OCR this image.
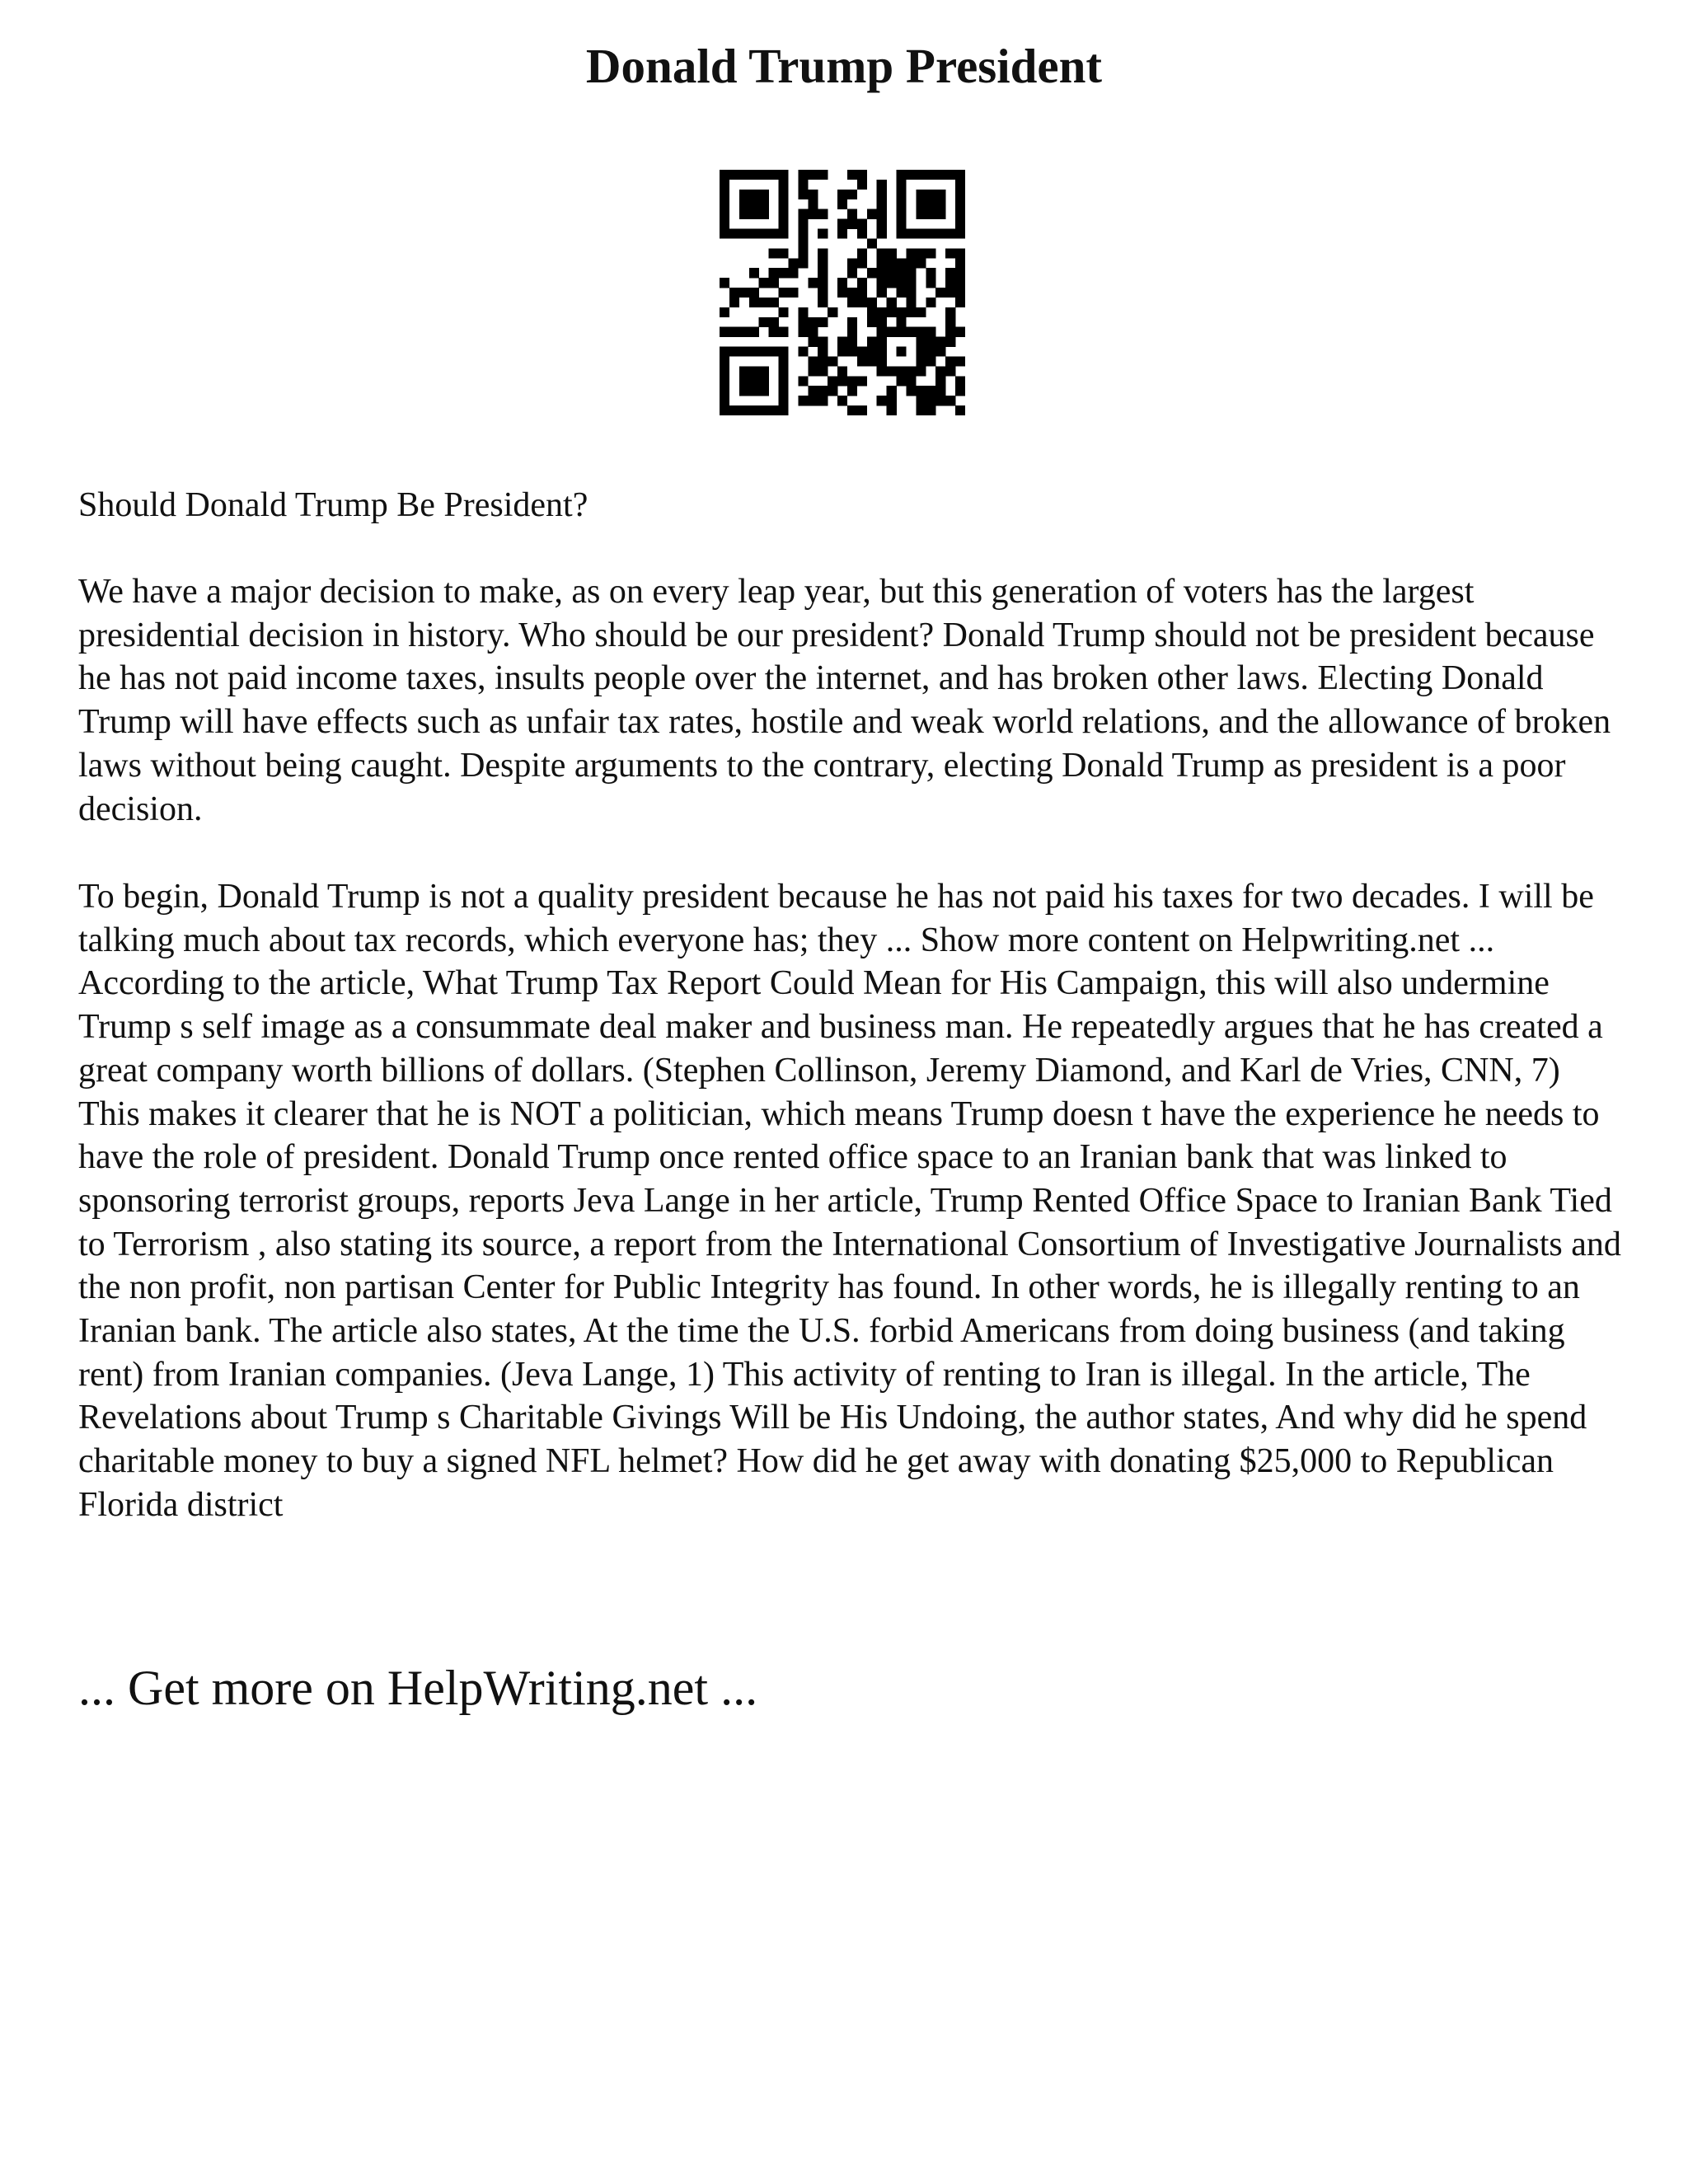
Donald Trump President

Should Donald Trump Be President?

We have a major decision to make, as on every leap year, but this generation of voters has the largest presidential decision in history. Who should be our president? Donald Trump should not be president because he has not paid income taxes, insults people over the internet, and has broken other laws. Electing Donald Trump will have effects such as unfair tax rates, hostile and weak world relations, and the allowance of broken laws without being caught. Despite arguments to the contrary, electing Donald Trump as president is a poor decision.

To begin, Donald Trump is not a quality president because he has not paid his taxes for two decades. I will be talking much about tax records, which everyone has; they ... Show more content on Helpwriting.net ...
According to the article, What Trump Tax Report Could Mean for His Campaign, this will also undermine Trump s self image as a consummate deal maker and business man. He repeatedly argues that he has created a great company worth billions of dollars. (Stephen Collinson, Jeremy Diamond, and Karl de Vries, CNN, 7) This makes it clearer that he is NOT a politician, which means Trump doesn t have the experience he needs to have the role of president. Donald Trump once rented office space to an Iranian bank that was linked to sponsoring terrorist groups, reports Jeva Lange in her article, Trump Rented Office Space to Iranian Bank Tied to Terrorism , also stating its source, a report from the International Consortium of Investigative Journalists and the non profit, non partisan Center for Public Integrity has found. In other words, he is illegally renting to an Iranian bank. The article also states, At the time the U.S. forbid Americans from doing business (and taking rent) from Iranian companies. (Jeva Lange, 1) This activity of renting to Iran is illegal. In the article, The Revelations about Trump s Charitable Givings Will be His Undoing, the author states, And why did he spend charitable money to buy a signed NFL helmet? How did he get away with donating $25,000 to Republican Florida district

... Get more on HelpWriting.net ...
